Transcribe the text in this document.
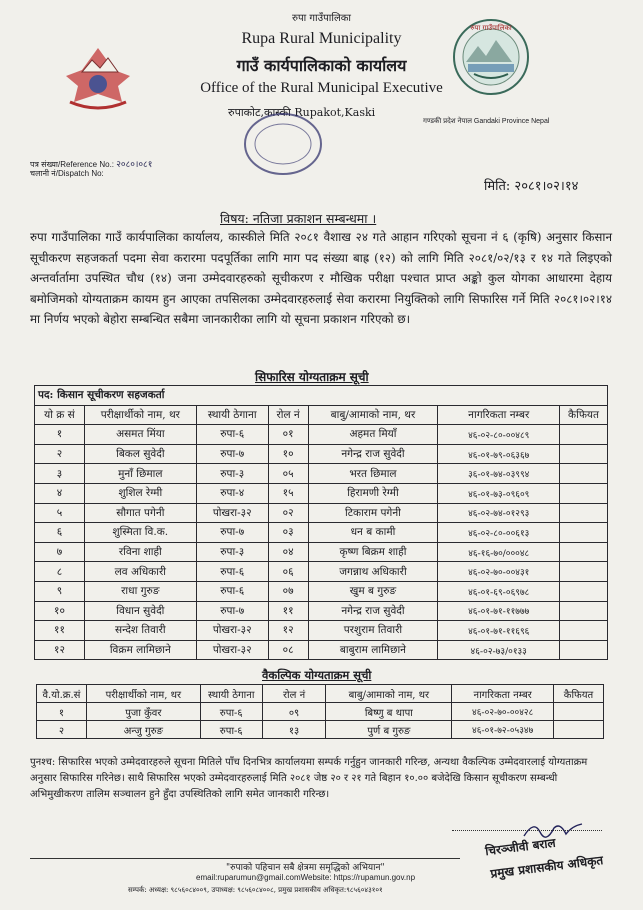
रुपा गाउँपालिका
Rupa Rural Municipality
गाउँ कार्यपालिकाको कार्यालय
Office of the Rural Municipal Executive
रुपाकोट,कास्की Rupakot,Kaski
रुपा गाउँपालिका
गण्डकी प्रदेश नेपाल Gandaki Province Nepal
पत्र संख्या/Reference No.: २०८०।०८१
चलानी नं/Dispatch No:
मिति: २०८१।०२।१४
विषय: नतिजा प्रकाशन सम्बन्धमा ।
रुपा गाउँपालिका गाउँ कार्यपालिका कार्यालय, कास्कीले मिति २०८१ वैशाख २४ गते आहान गरिएको सूचना नं ६ (कृषि) अनुसार किसान सूचीकरण सहजकर्ता पदमा सेवा करारमा पदपूर्तिका लागि माग पद संख्या बाह्र (१२) को लागि मिति २०८१/०२/१३ र १४ गते लिइएको अन्तर्वार्तामा उपस्थित चौध (१४) जना उम्मेदवारहरुको सूचीकरण र मौखिक परीक्षा पश्चात प्राप्त अङ्को कुल योगका आधारमा देहाय बमोजिमको योग्यताक्रम कायम हुन आएका तपसिलका उम्मेदवारहरुलाई सेवा करारमा नियुक्तिको लागि सिफारिस गर्ने मिति २०८१।०२।१४ मा निर्णय भएको बेहोरा सम्बन्धित सबैमा जानकारीका लागि यो सूचना प्रकाशन गरिएको छ।
सिफारिस योग्यताक्रम सूची
पद: किसान सूचीकरण सहजकर्ता						
यो क्र सं	परीक्षार्थीको नाम, थर	स्थायी ठेगाना	रोल नं	बाबु/आमाको नाम, थर	नागरिकता नम्बर	कैफियत
१	असमत मिंया	रुपा-६	०१	अहमत मियाँ	४६-०२-८०-००४८९	
२	बिकल सुवेदी	रुपा-७	१०	नगेन्द्र राज सुवेदी	४६-०१-७९-०६३६७	
३	मुनाँ छिमाल	रुपा-३	०५	भरत छिमाल	३६-०१-७४-०३९९४	
४	शुशिल रेग्मी	रुपा-४	१५	हिरामणी रेग्मी	४६-०१-७३-०९६०९	
५	सौगात पगेनी	पोखरा-३२	०२	टिकाराम पगेनी	४६-०२-७४-०१२९३	
६	शुस्मिता वि.क.	रुपा-७	०३	धन ब कामी	४६-०२-८०-००६१३	
७	रविना शाही	रुपा-३	०४	कृष्ण बिक्रम शाही	४६-१६-७०/०००४८	
८	लव अधिकारी	रुपा-६	०६	जगन्नाथ अधिकारी	४६-०२-७०-००४३१	
९	राधा गुरुङ	रुपा-६	०७	खुम ब गुरुङ	४६-०१-६९-०६९७८	
१०	विधान सुवेदी	रुपा-७	११	नगेन्द्र राज सुवेदी	४६-०१-७१-११७७७	
११	सन्देश तिवारी	पोखरा-३२	१२	परशुराम तिवारी	४६-०१-७१-११६९६	
१२	विक्रम लामिछाने	पोखरा-३२	०८	बाबुराम लामिछाने	४६-०२-७३/०१३३	
वैकल्पिक योग्यताक्रम सूची
वै.यो.क्र.सं	परीक्षार्थीको नाम, थर	स्थायी ठेगाना	रोल नं	बाबु/आमाको नाम, थर	नागरिकता नम्बर	कैफियत
१	पुजा कुँवर	रुपा-६	०९	बिष्णु ब थापा	४६-०२-७०-००४२८	
२	अन्जु गुरुङ	रुपा-६	१३	पुर्ण ब गुरुङ	४६-०१-७२-०५३४७	
पुनश्च: सिफारिस भएको उम्मेदवारहरुले सूचना मितिले पाँच दिनभित्र कार्यालयमा सम्पर्क गर्नुहुन जानकारी गरिन्छ, अन्यथा वैकल्पिक उम्मेदवारलाई योग्यताक्रम अनुसार सिफारिस गरिनेछ। साथै सिफारिस भएको उम्मेदवारहरुलाई मिति २०८१ जेष्ठ २० र २१ गते बिहान १०.०० बजेदेखि किसान सूचीकरण सम्बन्धी अभिमुखीकरण तालिम सञ्चालन हुने हुँदा उपस्थितिको लागि समेत जानकारी गरिन्छ।
चिरञ्जीवी बराल
प्रमुख प्रशासकीय अधिकृत
"रुपाको पहिचान सबै क्षेत्रमा समृद्धिको अभियान"
email:ruparumun@gmail.comWebsite: https://rupamun.gov.np
सम्पर्क: अध्यक्ष: ९८५६०८४००९, उपाध्यक्ष: ९८५६०८४००८, प्रमुख प्रशासकीय अधिकृत:९८५६०४३१०१
